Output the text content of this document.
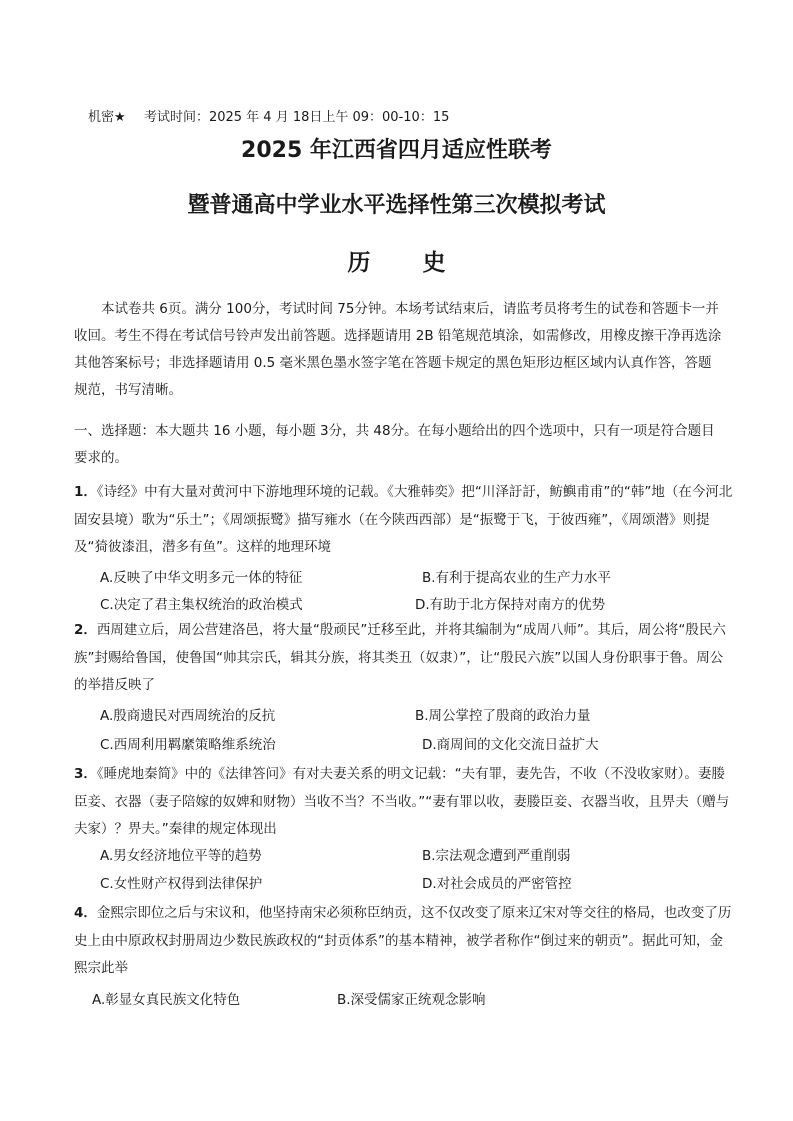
机密★ 考试时间：2025 年 4 月 18日上午 09：00-10：15
2025 年江西省四月适应性联考
暨普通高中学业水平选择性第三次模拟考试
历 史
本试卷共 6页。满分 100分，考试时间 75分钟。本场考试结束后，请监考员将考生的试卷和答题卡一并收回。考生不得在考试信号铃声发出前答题。选择题请用 2B 铅笔规范填涂，如需修改，用橡皮擦干净再选涂其他答案标号；非选择题请用 0.5 毫米黑色墨水签字笔在答题卡规定的黑色矩形边框区域内认真作答，答题规范，书写清晰。
一、选择题：本大题共 16 小题，每小题 3分，共 48分。在每小题给出的四个选项中，只有一项是符合题目要求的。
1．《诗经》中有大量对黄河中下游地理环境的记载。《大雅韩奕》把“川泽訏訏，鲂鱮甫甫”的“韩”地（在今河北固安县境）歌为“乐土”；《周颂振鹭》描写雍水（在今陕西西部）是“振鹭于飞，于彼西雍”，《周颂潜》则提及“猗彼漆沮，潜多有鱼”。这样的地理环境
A.反映了中华文明多元一体的特征	B.有利于提高农业的生产力水平
C.决定了君主集权统治的政治模式	D.有助于北方保持对南方的优势
2．西周建立后，周公营建洛邑，将大量“殷顽民”迁移至此，并将其编制为“成周八师”。其后，周公将“殷民六族”封赐给鲁国，使鲁国“帅其宗氏，辑其分族，将其类丑（奴隶）”，让“殷民六族”以国人身份职事于鲁。周公的举措反映了
A.殷商遗民对西周统治的反抗	B.周公掌控了殷商的政治力量
C.西周利用羁縻策略维系统治	D.商周间的文化交流日益扩大
3．《睡虎地秦简》中的《法律答问》有对夫妻关系的明文记载：“夫有罪，妻先告，不收（不没收家财）。妻媵臣妾、衣器（妻子陪嫁的奴婢和财物）当收不当？不当收。”“妻有罪以收，妻媵臣妾、衣器当收，且畀夫（赠与夫家）？畀夫。”秦律的规定体现出
A.男女经济地位平等的趋势	B.宗法观念遭到严重削弱
C.女性财产权得到法律保护	D.对社会成员的严密管控
4．金熙宗即位之后与宋议和，他坚持南宋必须称臣纳贡，这不仅改变了原来辽宋对等交往的格局，也改变了历史上由中原政权封册周边少数民族政权的“封贡体系”的基本精神，被学者称作“倒过来的朝贡”。据此可知，金熙宗此举
A.彰显女真民族文化特色	B.深受儒家正统观念影响
